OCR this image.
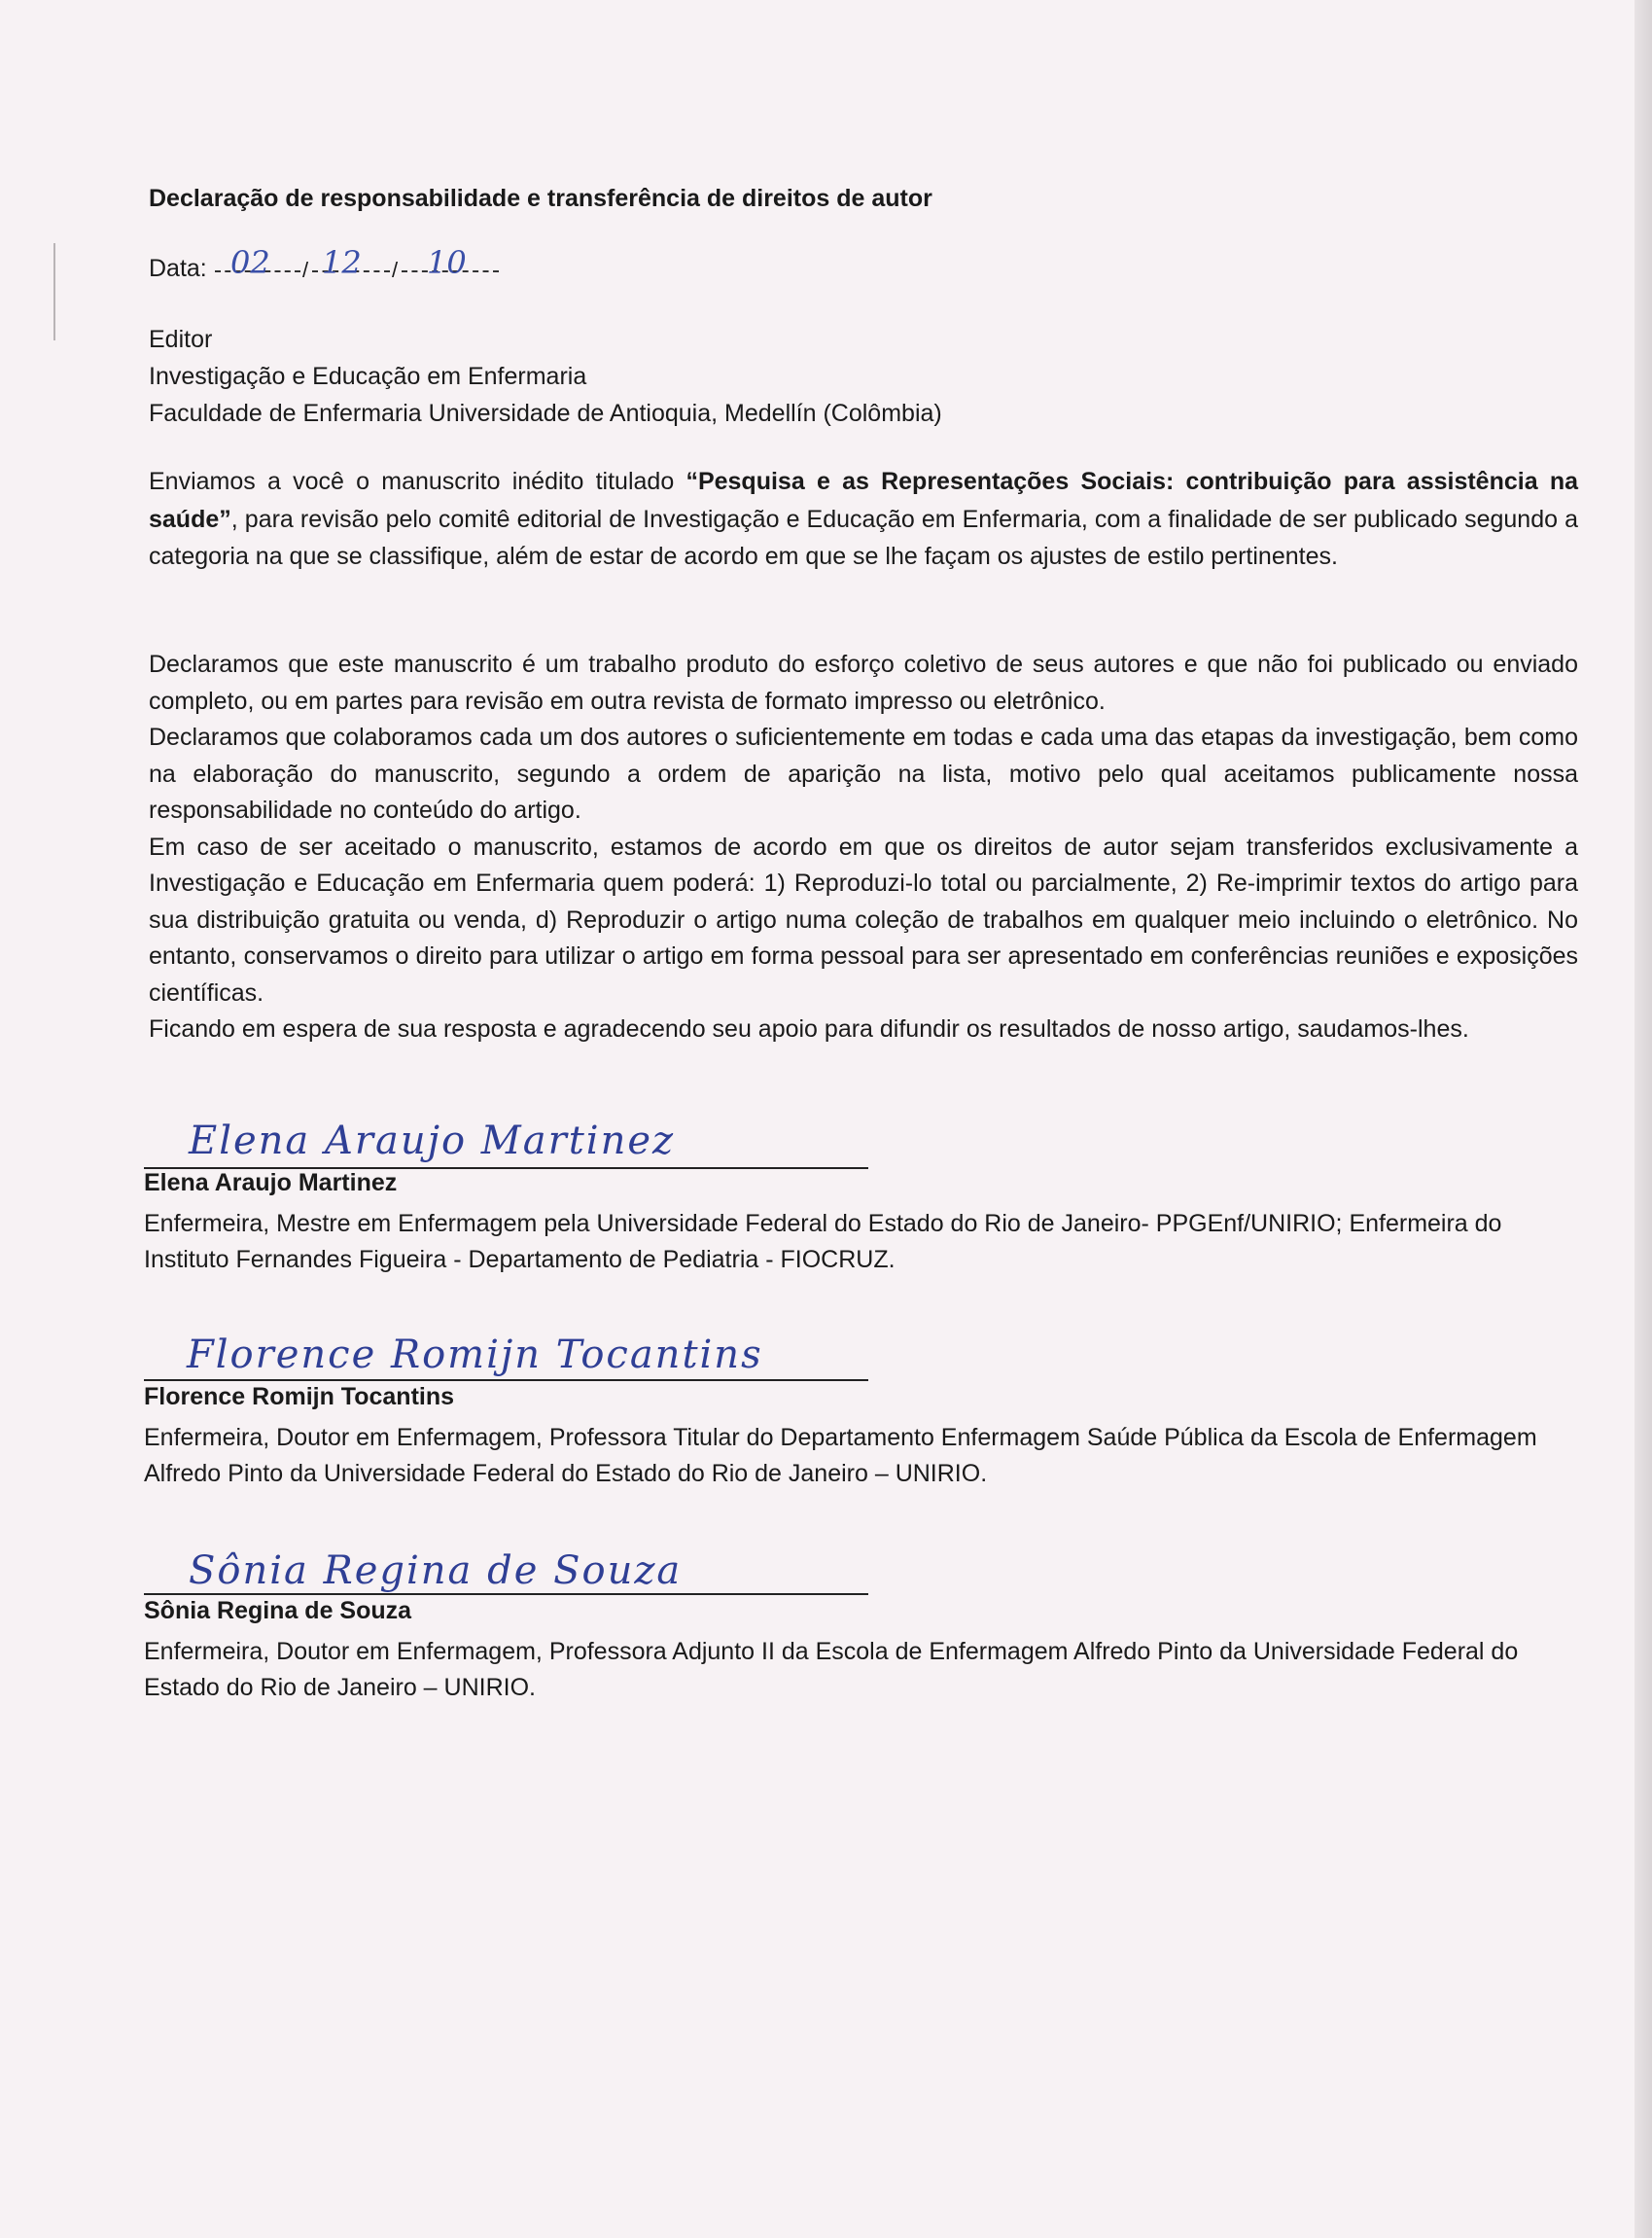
Declaração de responsabilidade e transferência de direitos de autor
Data: 02 / 12 / 10
Editor
Investigação e Educação em Enfermaria
Faculdade de Enfermaria Universidade de Antioquia, Medellín (Colômbia)
Enviamos a você o manuscrito inédito titulado “Pesquisa e as Representações Sociais: contribuição para assistência na saúde”, para revisão pelo comitê editorial de Investigação e Educação em Enfermaria, com a finalidade de ser publicado segundo a categoria na que se classifique, além de estar de acordo em que se lhe façam os ajustes de estilo pertinentes.
Declaramos que este manuscrito é um trabalho produto do esforço coletivo de seus autores e que não foi publicado ou enviado completo, ou em partes para revisão em outra revista de formato impresso ou eletrônico.
Declaramos que colaboramos cada um dos autores o suficientemente em todas e cada uma das etapas da investigação, bem como na elaboração do manuscrito, segundo a ordem de aparição na lista, motivo pelo qual aceitamos publicamente nossa responsabilidade no conteúdo do artigo.
Em caso de ser aceitado o manuscrito, estamos de acordo em que os direitos de autor sejam transferidos exclusivamente a Investigação e Educação em Enfermaria quem poderá: 1) Reproduzi-lo total ou parcialmente, 2) Re-imprimir textos do artigo para sua distribuição gratuita ou venda, d) Reproduzir o artigo numa coleção de trabalhos em qualquer meio incluindo o eletrônico. No entanto, conservamos o direito para utilizar o artigo em forma pessoal para ser apresentado em conferências reuniões e exposições científicas.
Ficando em espera de sua resposta e agradecendo seu apoio para difundir os resultados de nosso artigo, saudamos-lhes.
Elena Araujo Martinez
Elena Araujo Martinez
Enfermeira, Mestre em Enfermagem pela Universidade Federal do Estado do Rio de Janeiro- PPGEnf/UNIRIO; Enfermeira do Instituto Fernandes Figueira - Departamento de Pediatria - FIOCRUZ.
Florence Romijn Tocantins
Florence Romijn Tocantins
Enfermeira, Doutor em Enfermagem, Professora Titular do Departamento Enfermagem Saúde Pública da Escola de Enfermagem Alfredo Pinto da Universidade Federal do Estado do Rio de Janeiro – UNIRIO.
Sônia Regina de Souza
Sônia Regina de Souza
Enfermeira, Doutor em Enfermagem, Professora Adjunto II da Escola de Enfermagem Alfredo Pinto da Universidade Federal do Estado do Rio de Janeiro – UNIRIO.
